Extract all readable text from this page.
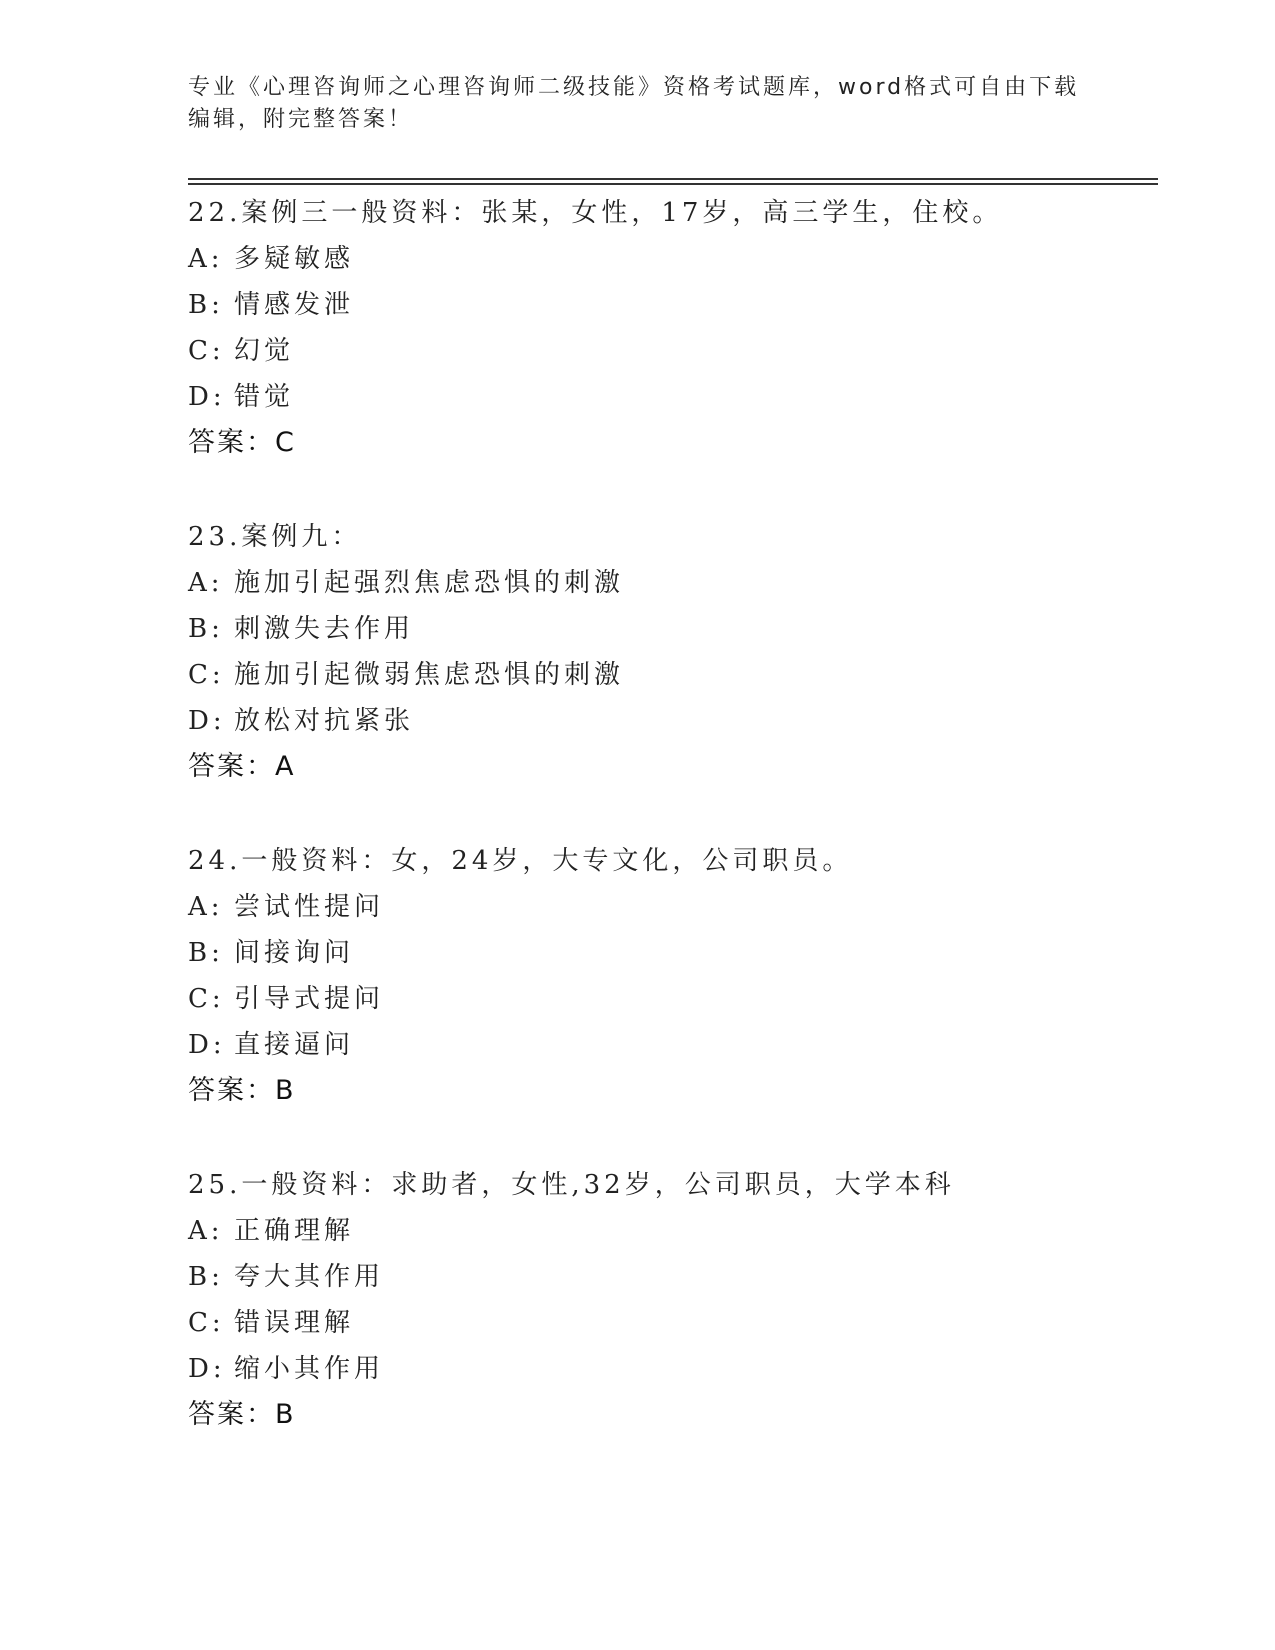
专业《心理咨询师之心理咨询师二级技能》资格考试题库，word格式可自由下载
编辑，附完整答案！
22.案例三一般资料：张某，女性，17岁，高三学生，住校。
A: 多疑敏感
B: 情感发泄
C: 幻觉
D: 错觉
答案：C
23.案例九：
A: 施加引起强烈焦虑恐惧的刺激
B: 刺激失去作用
C: 施加引起微弱焦虑恐惧的刺激
D: 放松对抗紧张
答案：A
24.一般资料：女，24岁，大专文化，公司职员。
A: 尝试性提问
B: 间接询问
C: 引导式提问
D: 直接逼问
答案：B
25.一般资料：求助者，女性,32岁，公司职员，大学本科
A: 正确理解
B: 夸大其作用
C: 错误理解
D: 缩小其作用
答案：B
